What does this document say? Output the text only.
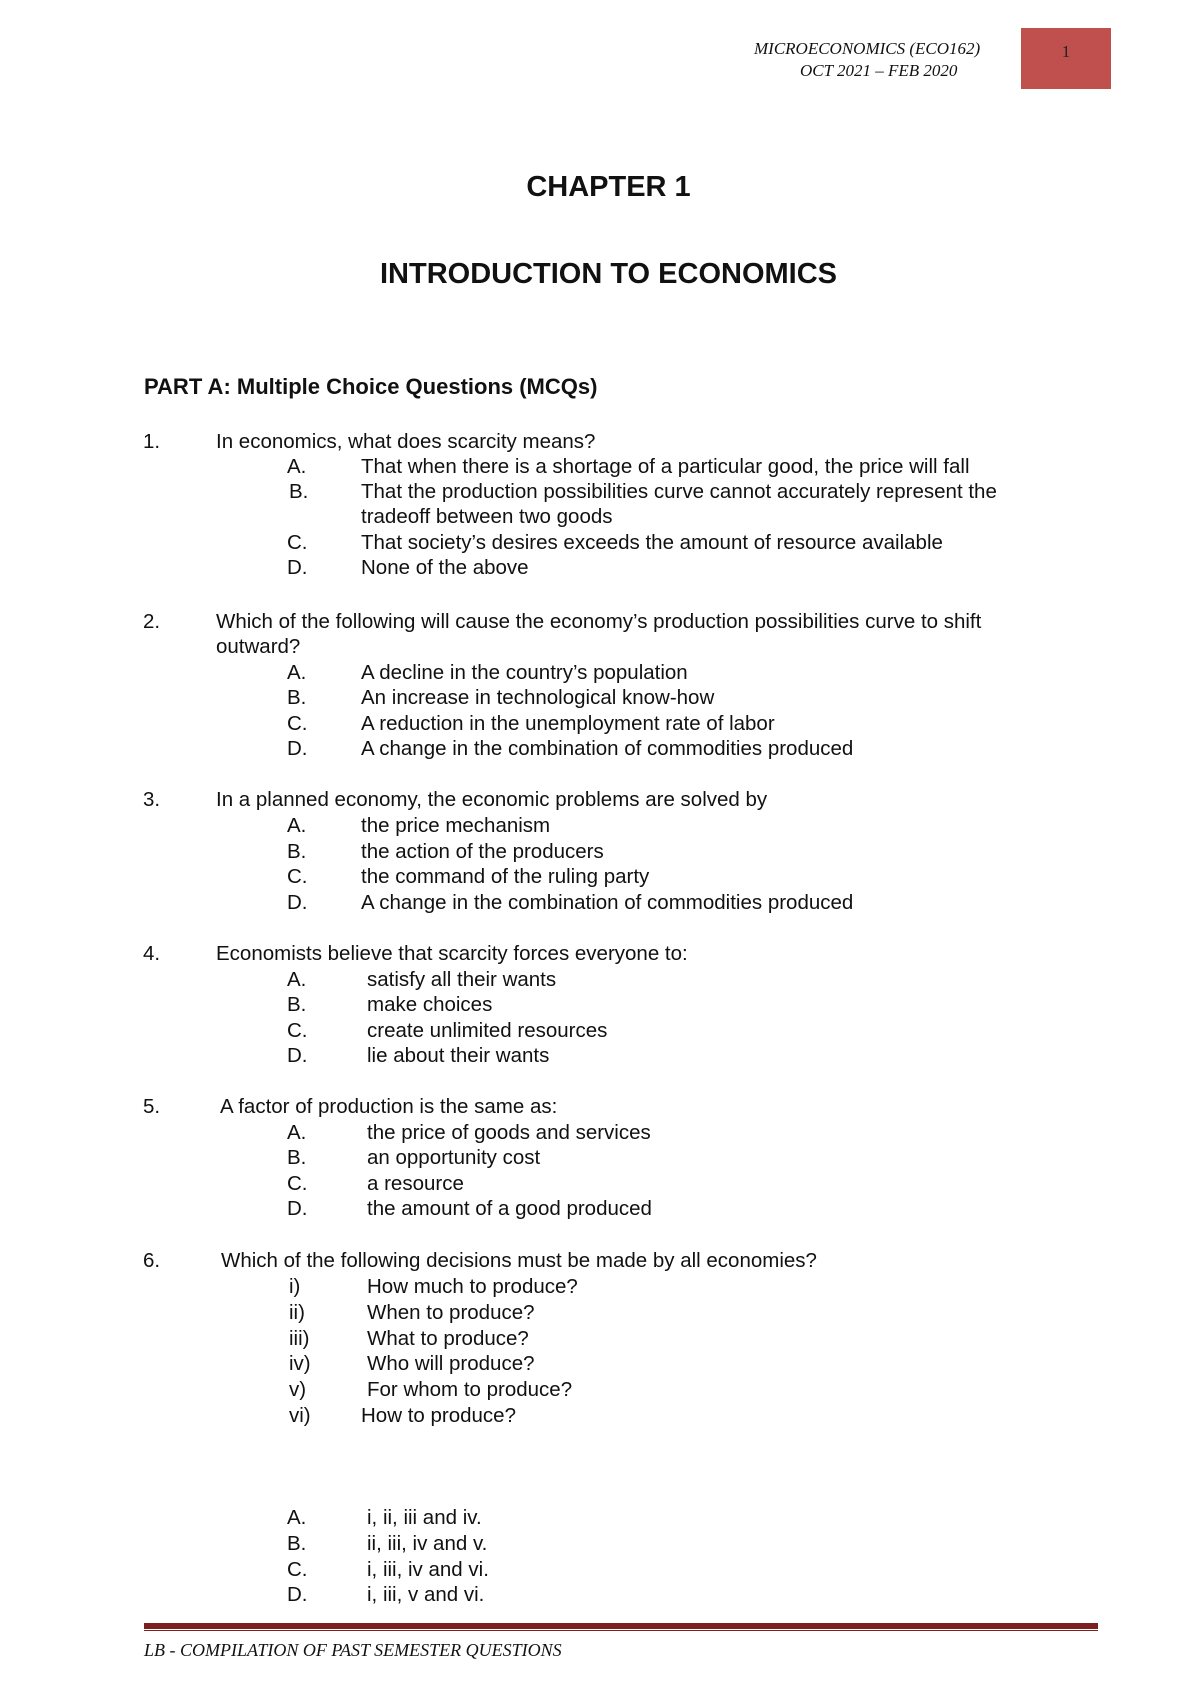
MICROECONOMICS (ECO162)
OCT 2021 – FEB 2020
1
CHAPTER 1
INTRODUCTION TO ECONOMICS
PART A: Multiple Choice Questions (MCQs)
1.	In economics, what does scarcity means?
A.	That when there is a shortage of a particular good, the price will fall
B.	That the production possibilities curve cannot accurately represent the
tradeoff between two goods
C.	That society’s desires exceeds the amount of resource available
D.	None of the above
2.	Which of the following will cause the economy’s production possibilities curve to shift
outward?
A.	A decline in the country’s population
B.	An increase in technological know-how
C.	A reduction in the unemployment rate of labor
D.	A change in the combination of commodities produced
3.	In a planned economy, the economic problems are solved by
A.	the price mechanism
B.	the action of the producers
C.	the command of the ruling party
D.	A change in the combination of commodities produced
4.	Economists believe that scarcity forces everyone to:
A.	satisfy all their wants
B.	make choices
C.	create unlimited resources
D.	lie about their wants
5.	A factor of production is the same as:
A.	the price of goods and services
B.	an opportunity cost
C.	a resource
D.	the amount of a good produced
6.	Which of the following decisions must be made by all economies?
i)	How much to produce?
ii)	When to produce?
iii)	What to produce?
iv)	Who will produce?
v)	For whom to produce?
vi) How to produce?
A.	i, ii, iii and iv.
B.	ii, iii, iv and v.
C.	i, iii, iv and vi.
D.	i, iii, v and vi.
LB - COMPILATION OF PAST SEMESTER QUESTIONS
